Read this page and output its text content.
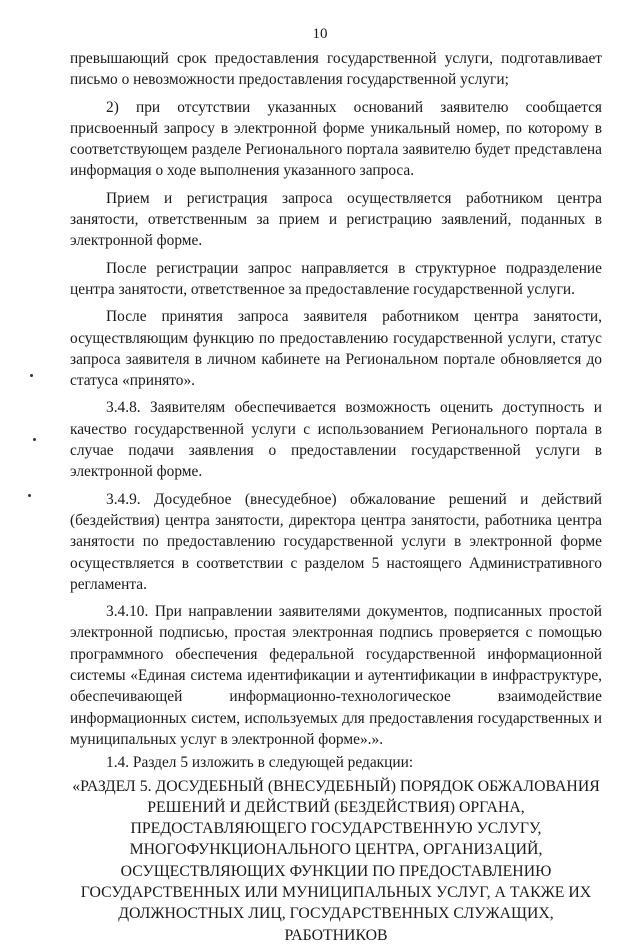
10

превышающий срок предоставления государственной услуги, подготавливает письмо о невозможности предоставления государственной услуги;

2) при отсутствии указанных оснований заявителю сообщается присвоенный запросу в электронной форме уникальный номер, по которому в соответствующем разделе Регионального портала заявителю будет представлена информация о ходе выполнения указанного запроса.

Прием и регистрация запроса осуществляется работником центра занятости, ответственным за прием и регистрацию заявлений, поданных в электронной форме.

После регистрации запрос направляется в структурное подразделение центра занятости, ответственное за предоставление государственной услуги.

После принятия запроса заявителя работником центра занятости, осуществляющим функцию по предоставлению государственной услуги, статус запроса заявителя в личном кабинете на Региональном портале обновляется до статуса «принято».

3.4.8. Заявителям обеспечивается возможность оценить доступность и качество государственной услуги с использованием Регионального портала в случае подачи заявления о предоставлении государственной услуги в электронной форме.

3.4.9. Досудебное (внесудебное) обжалование решений и действий (бездействия) центра занятости, директора центра занятости, работника центра занятости по предоставлению государственной услуги в электронной форме осуществляется в соответствии с разделом 5 настоящего Административного регламента.

3.4.10. При направлении заявителями документов, подписанных простой электронной подписью, простая электронная подпись проверяется с помощью программного обеспечения федеральной государственной информационной системы «Единая система идентификации и аутентификации в инфраструктуре, обеспечивающей информационно-технологическое взаимодействие информационных систем, используемых для предоставления государственных и муниципальных услуг в электронной форме».».

1.4. Раздел 5 изложить в следующей редакции:

«РАЗДЕЛ 5. ДОСУДЕБНЫЙ (ВНЕСУДЕБНЫЙ) ПОРЯДОК ОБЖАЛОВАНИЯ РЕШЕНИЙ И ДЕЙСТВИЙ (БЕЗДЕЙСТВИЯ) ОРГАНА, ПРЕДОСТАВЛЯЮЩЕГО ГОСУДАРСТВЕННУЮ УСЛУГУ, МНОГОФУНКЦИОНАЛЬНОГО ЦЕНТРА, ОРГАНИЗАЦИЙ, ОСУЩЕСТВЛЯЮЩИХ ФУНКЦИИ ПО ПРЕДОСТАВЛЕНИЮ ГОСУДАРСТВЕННЫХ ИЛИ МУНИЦИПАЛЬНЫХ УСЛУГ, А ТАКЖЕ ИХ ДОЛЖНОСТНЫХ ЛИЦ, ГОСУДАРСТВЕННЫХ СЛУЖАЩИХ, РАБОТНИКОВ
